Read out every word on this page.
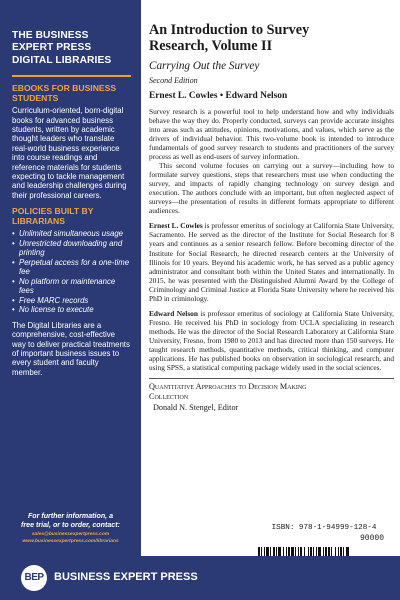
THE BUSINESS EXPERT PRESS DIGITAL LIBRARIES
EBOOKS FOR BUSINESS STUDENTS
Curriculum-oriented, born-digital books for advanced business students, written by academic thought leaders who translate real-world business experience into course readings and reference materials for students expecting to tackle management and leadership challenges during their professional careers.
POLICIES BUILT BY LIBRARIANS
• Unlimited simultaneous usage
• Unrestricted downloading and printing
• Perpetual access for a one-time fee
• No platform or maintenance fees
• Free MARC records
• No license to execute
The Digital Libraries are a comprehensive, cost-effective way to deliver practical treatments of important business issues to every student and faculty member.
For further information, a
free trial, or to order, contact:
sales@businessexpertpress.com
www.businessexpertpress.com/librarians
An Introduction to Survey
Research, Volume II
Carrying Out the Survey
Second Edition
Ernest L. Cowles • Edward Nelson

Survey research is a powerful tool to help understand how and why individuals behave the way they do. Properly conducted, surveys can provide accurate insights into areas such as attitudes, opinions, motivations, and values, which serve as the drivers of individual behavior. This two-volume book is intended to introduce fundamentals of good survey research to students and practitioners of the survey process as well as end-users of survey information.

This second volume focuses on carrying out a survey—including how to formulate survey questions, steps that researchers must use when conducting the survey, and impacts of rapidly changing technology on survey design and execution. The authors conclude with an important, but often neglected aspect of surveys—the presentation of results in different formats appropriate to different audiences.

Ernest L. Cowles is professor emeritus of sociology at California State University, Sacramento. He served as the director of the Institute for Social Research for 8 years and continues as a senior research fellow. Before becoming director of the Institute for Social Research, he directed research centers at the University of Illinois for 10 years. Beyond his academic work, he has served as a public agency administrator and consultant both within the United States and internationally. In 2015, he was presented with the Distinguished Alumni Award by the College of Criminology and Criminal Justice at Florida State University where he received his PhD in criminology.

Edward Nelson is professor emeritus of sociology at California State University, Fresno. He received his PhD in sociology from UCLA specializing in research methods. He was the director of the Social Research Laboratory at California State University, Fresno, from 1980 to 2013 and has directed more than 150 surveys. He taught research methods, quantitative methods, critical thinking, and computer applications. He has published books on observation in sociological research, and using SPSS, a statistical computing package widely used in the social sciences.

Quantitative Approaches to Decision Making
Collection
Donald N. Stengel, Editor
ISBN: 978-1-94999-128-4
90000
BEP BUSINESS EXPERT PRESS
